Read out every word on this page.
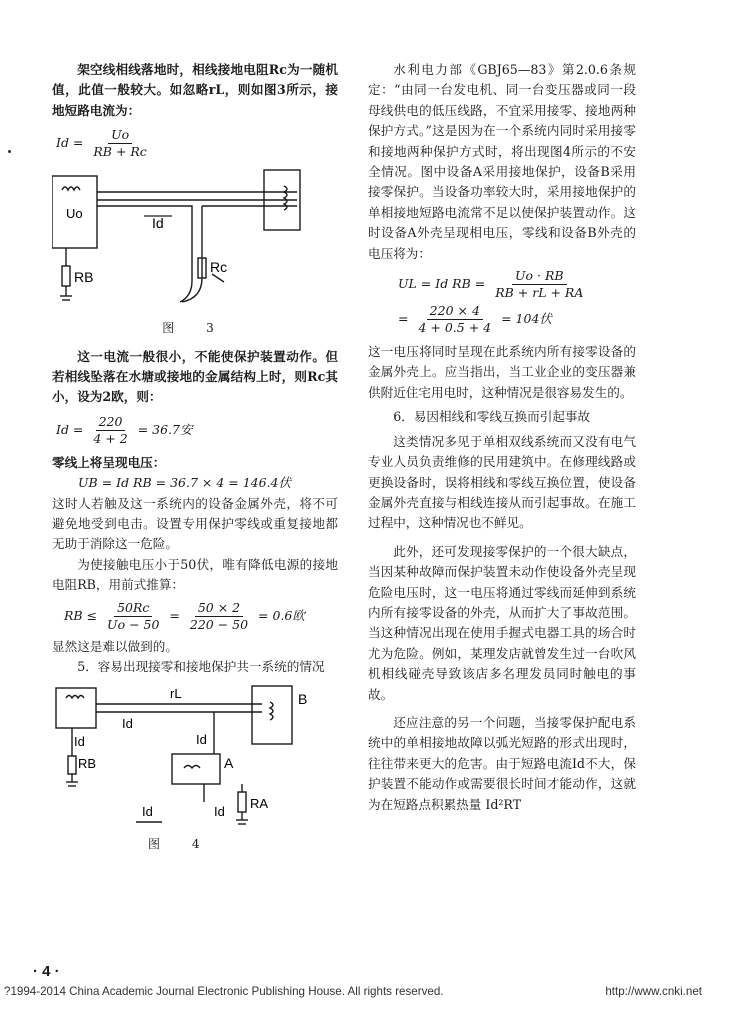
架空线相线落地时，相线接地电阻Rc为一随机值，此值一般较大。如忽略rL，则如图3所示，接地短路电流为：

$Id = \frac{Uo}{RB + Rc}$
Uo
Id
RB
Rc

图 3

这一电流一般很小，不能使保护装置动作。但若相线坠落在水塘或接地的金属结构上时，则Rc其小，设为2欧，则：

$Id = \frac{220}{4 + 2} = 36.7$安

零线上将呈现电压：

UB = Id RB = 36.7 × 4 = 146.4伏

这时人若触及这一系统内的设备金属外壳，将不可避免地受到电击。设置专用保护零线或重复接地都无助于消除这一危险。

为使接触电压小于50伏，唯有降低电源的接地电阻RB，用前式推算：

RB ≤ $\frac{50Rc}{Uo - 50} = \frac{50 \times 2}{220 - 50} = 0.6$欧

显然这是难以做到的。

5．容易出现接零和接地保护共一系统的情况

rL	B
Id
Id	Id
Id	Id
RB	A
RA

图 4

水利电力部《GBJ65—83》第2.0.6条规定：“由同一台发电机、同一台变压器或同一段母线供电的低压线路，不宜采用接零、接地两种保护方式。”这是因为在一个系统内同时采用接零和接地两种保护方式时，将出现图4所示的不安全情况。图中设备A采用接地保护，设备B采用接零保护。当设备功率较大时，采用接地保护的单相接地短路电流常不足以使保护装置动作。这时设备A外壳呈现相电压，零线和设备B外壳的电压将为：

UL = Id RB = $\frac{Uo \cdot RB}{RB + rL + RA}$
= $\frac{220 \times 4}{4 + 0.5 + 4} = 104$伏

这一电压将同时呈现在此系统内所有接零设备的金属外壳上。应当指出，当工业企业的变压器兼供附近住宅用电时，这种情况是很容易发生的。

6．易因相线和零线互换而引起事故

这类情况多见于单相双线系统而又没有电气专业人员负责维修的民用建筑中。在修理线路或更换设备时，误将相线和零线互换位置，使设备金属外壳直接与相线连接从而引起事故。在施工过程中，这种情况也不鲜见。

此外，还可发现接零保护的一个很大缺点，当因某种故障而保护装置未动作使设备外壳呈现危险电压时，这一电压将通过零线而延伸到系统内所有接零设备的外壳，从而扩大了事故范围。当这种情况出现在使用手握式电器工具的场合时尤为危险。例如，某理发店就曾发生过一台吹风机相线碰壳导致该店多名理发员同时触电的事故。

还应注意的另一个问题，当接零保护配电系统中的单相接地故障以弧光短路的形式出现时，往往带来更大的危害。由于短路电流Id不大，保护装置不能动作或需要很长时间才能动作，这就为在短路点积累热量 Id²RT

· 4 ·
?1994-2014 China Academic Journal Electronic Publishing House. All rights reserved.	http://www.cnki.net
